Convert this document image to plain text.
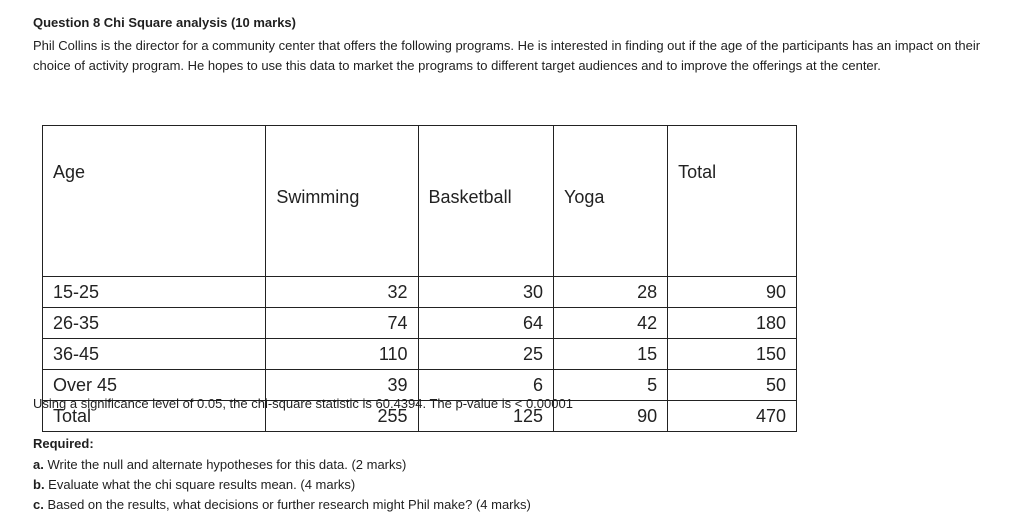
Question 8 Chi Square analysis (10 marks)
Phil Collins is the director for a community center that offers the following programs. He is interested in finding out if the age of the participants has an impact on their choice of activity program. He hopes to use this data to market the programs to different target audiences and to improve the offerings at the center.
Age	Swimming	Basketball	Yoga	Total
15-25	32	30	28	90
26-35	74	64	42	180
36-45	110	25	15	150
Over 45	39	6	5	50
Total	255	125	90	470
Using a significance level of 0.05, the chi-square statistic is 60.4394. The p-value is < 0.00001
Required:
a. Write the null and alternate hypotheses for this data. (2 marks)
b. Evaluate what the chi square results mean. (4 marks)
c. Based on the results, what decisions or further research might Phil make? (4 marks)
